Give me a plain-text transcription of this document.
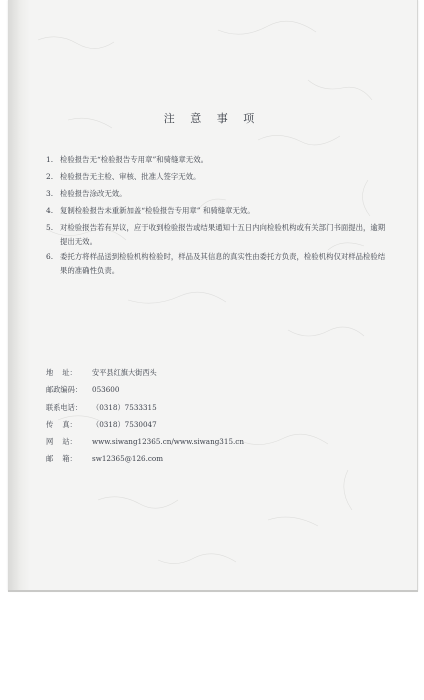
注 意 事 项
1. 检验报告无“检验报告专用章”和骑缝章无效。
2. 检验报告无主检、审核、批准人签字无效。
3. 检验报告涂改无效。
4. 复制检验报告未重新加盖“检验报告专用章” 和骑缝章无效。
5. 对检验报告若有异议，应于收到检验报告或结果通知十五日内向检验机构或有关部门书面提出，逾期提出无效。
6. 委托方将样品送到检验机构检验时，样品及其信息的真实性由委托方负责，检验机构仅对样品检验结果的准确性负责。
地    址：	安平县红旗大街西头
邮政编码：	053600
联系电话：	（0318）7533315
传    真：	（0318）7530047
网    站：	www.siwang12365.cn/www.siwang315.cn
邮    箱：	sw12365@126.com
